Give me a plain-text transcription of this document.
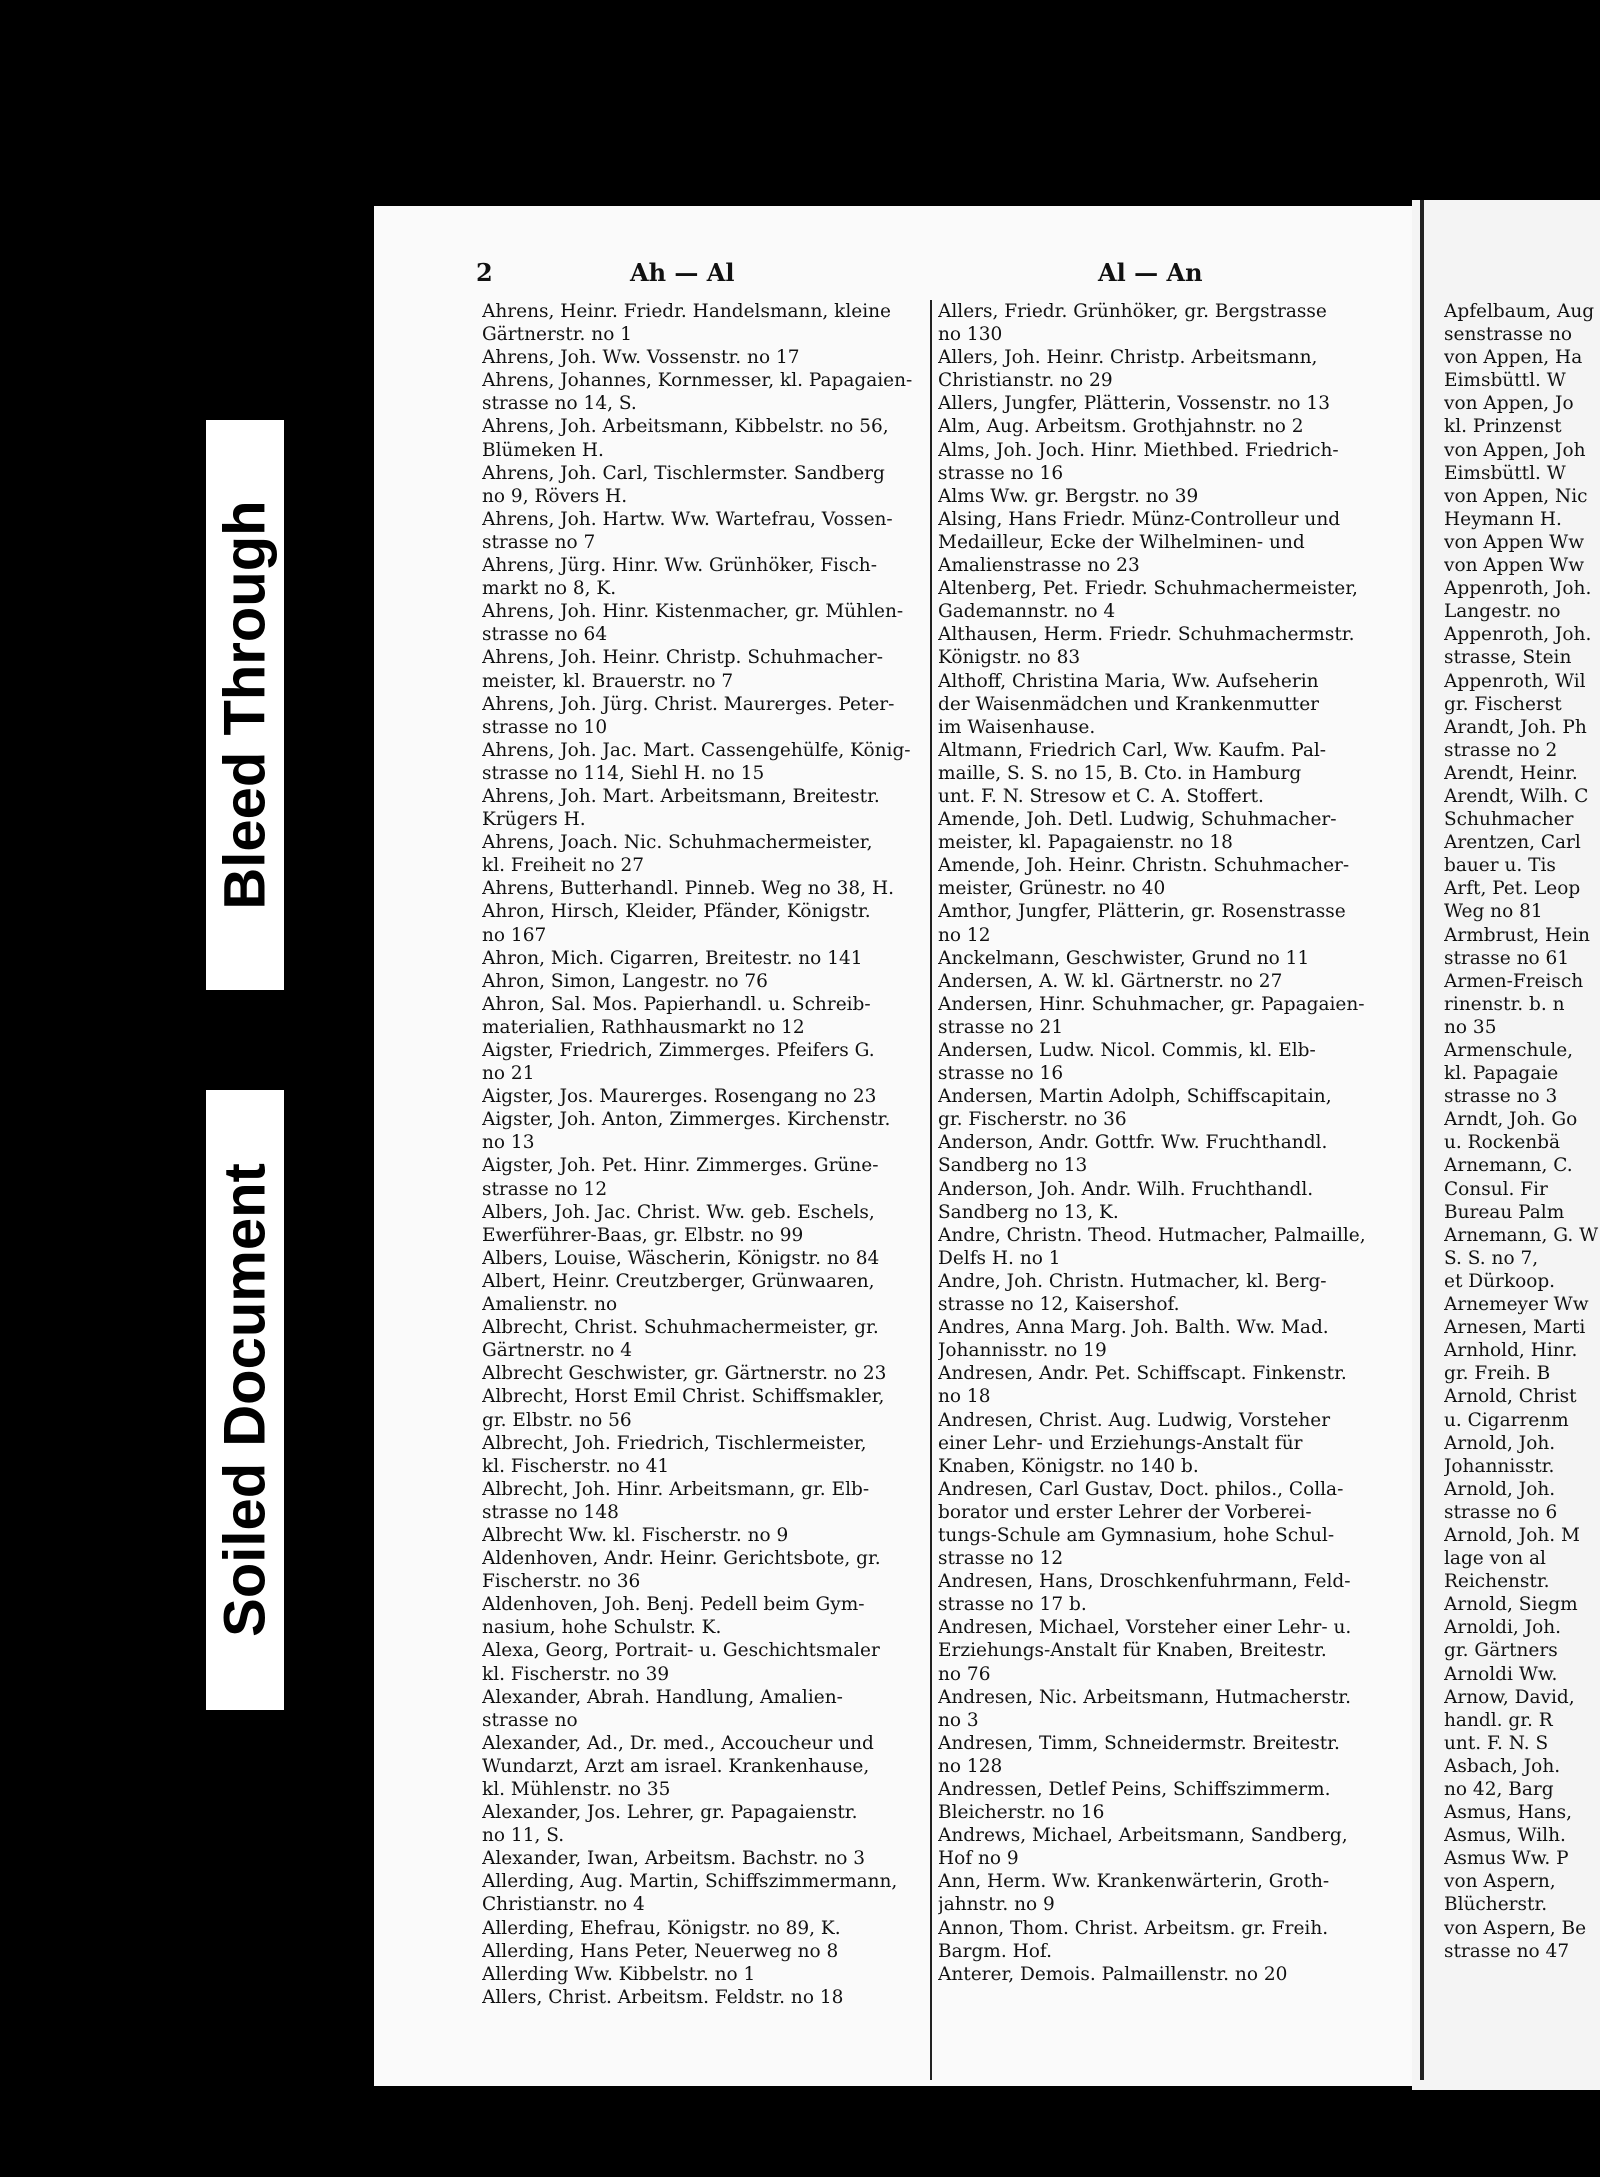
Bleed Through
Soiled Document
2	Ah — Al	Al — An
Ahrens, Heinr. Friedr. Handelsmann, kleine
Gärtnerstr. no 1
Ahrens, Joh. Ww. Vossenstr. no 17
Ahrens, Johannes, Kornmesser, kl. Papagaien-
strasse no 14, S.
Ahrens, Joh. Arbeitsmann, Kibbelstr. no 56,
Blümeken H.
Ahrens, Joh. Carl, Tischlermster. Sandberg
no 9, Rövers H.
Ahrens, Joh. Hartw. Ww. Wartefrau, Vossen-
strasse no 7
Ahrens, Jürg. Hinr. Ww. Grünhöker, Fisch-
markt no 8, K.
Ahrens, Joh. Hinr. Kistenmacher, gr. Mühlen-
strasse no 64
Ahrens, Joh. Heinr. Christp. Schuhmacher-
meister, kl. Brauerstr. no 7
Ahrens, Joh. Jürg. Christ. Maurerges. Peter-
strasse no 10
Ahrens, Joh. Jac. Mart. Cassengehülfe, König-
strasse no 114, Siehl H. no 15
Ahrens, Joh. Mart. Arbeitsmann, Breitestr.
Krügers H.
Ahrens, Joach. Nic. Schuhmachermeister,
kl. Freiheit no 27
Ahrens, Butterhandl. Pinneb. Weg no 38, H.
Ahron, Hirsch, Kleider, Pfänder, Königstr.
no 167
Ahron, Mich. Cigarren, Breitestr. no 141
Ahron, Simon, Langestr. no 76
Ahron, Sal. Mos. Papierhandl. u. Schreib-
materialien, Rathhausmarkt no 12
Aigster, Friedrich, Zimmerges. Pfeifers G.
no 21
Aigster, Jos. Maurerges. Rosengang no 23
Aigster, Joh. Anton, Zimmerges. Kirchenstr.
no 13
Aigster, Joh. Pet. Hinr. Zimmerges. Grüne-
strasse no 12
Albers, Joh. Jac. Christ. Ww. geb. Eschels,
Ewerführer-Baas, gr. Elbstr. no 99
Albers, Louise, Wäscherin, Königstr. no 84
Albert, Heinr. Creutzberger, Grünwaaren,
Amalienstr. no
Albrecht, Christ. Schuhmachermeister, gr.
Gärtnerstr. no 4
Albrecht Geschwister, gr. Gärtnerstr. no 23
Albrecht, Horst Emil Christ. Schiffsmakler,
gr. Elbstr. no 56
Albrecht, Joh. Friedrich, Tischlermeister,
kl. Fischerstr. no 41
Albrecht, Joh. Hinr. Arbeitsmann, gr. Elb-
strasse no 148
Albrecht Ww. kl. Fischerstr. no 9
Aldenhoven, Andr. Heinr. Gerichtsbote, gr.
Fischerstr. no 36
Aldenhoven, Joh. Benj. Pedell beim Gym-
nasium, hohe Schulstr. K.
Alexa, Georg, Portrait- u. Geschichtsmaler
kl. Fischerstr. no 39
Alexander, Abrah. Handlung, Amalien-
strasse no
Alexander, Ad., Dr. med., Accoucheur und
Wundarzt, Arzt am israel. Krankenhause,
kl. Mühlenstr. no 35
Alexander, Jos. Lehrer, gr. Papagaienstr.
no 11, S.
Alexander, Iwan, Arbeitsm. Bachstr. no 3
Allerding, Aug. Martin, Schiffszimmermann,
Christianstr. no 4
Allerding, Ehefrau, Königstr. no 89, K.
Allerding, Hans Peter, Neuerweg no 8
Allerding Ww. Kibbelstr. no 1
Allers, Christ. Arbeitsm. Feldstr. no 18
Allers, Friedr. Grünhöker, gr. Bergstrasse
no 130
Allers, Joh. Heinr. Christp. Arbeitsmann,
Christianstr. no 29
Allers, Jungfer, Plätterin, Vossenstr. no 13
Alm, Aug. Arbeitsm. Grothjahnstr. no 2
Alms, Joh. Joch. Hinr. Miethbed. Friedrich-
strasse no 16
Alms Ww. gr. Bergstr. no 39
Alsing, Hans Friedr. Münz-Controlleur und
Medailleur, Ecke der Wilhelminen- und
Amalienstrasse no 23
Altenberg, Pet. Friedr. Schuhmachermeister,
Gademannstr. no 4
Althausen, Herm. Friedr. Schuhmachermstr.
Königstr. no 83
Althoff, Christina Maria, Ww. Aufseherin
der Waisenmädchen und Krankenmutter
im Waisenhause.
Altmann, Friedrich Carl, Ww. Kaufm. Pal-
maille, S. S. no 15, B. Cto. in Hamburg
unt. F. N. Stresow et C. A. Stoffert.
Amende, Joh. Detl. Ludwig, Schuhmacher-
meister, kl. Papagaienstr. no 18
Amende, Joh. Heinr. Christn. Schuhmacher-
meister, Grünestr. no 40
Amthor, Jungfer, Plätterin, gr. Rosenstrasse
no 12
Anckelmann, Geschwister, Grund no 11
Andersen, A. W. kl. Gärtnerstr. no 27
Andersen, Hinr. Schuhmacher, gr. Papagaien-
strasse no 21
Andersen, Ludw. Nicol. Commis, kl. Elb-
strasse no 16
Andersen, Martin Adolph, Schiffscapitain,
gr. Fischerstr. no 36
Anderson, Andr. Gottfr. Ww. Fruchthandl.
Sandberg no 13
Anderson, Joh. Andr. Wilh. Fruchthandl.
Sandberg no 13, K.
Andre, Christn. Theod. Hutmacher, Palmaille,
Delfs H. no 1
Andre, Joh. Christn. Hutmacher, kl. Berg-
strasse no 12, Kaisershof.
Andres, Anna Marg. Joh. Balth. Ww. Mad.
Johannisstr. no 19
Andresen, Andr. Pet. Schiffscapt. Finkenstr.
no 18
Andresen, Christ. Aug. Ludwig, Vorsteher
einer Lehr- und Erziehungs-Anstalt für
Knaben, Königstr. no 140 b.
Andresen, Carl Gustav, Doct. philos., Colla-
borator und erster Lehrer der Vorberei-
tungs-Schule am Gymnasium, hohe Schul-
strasse no 12
Andresen, Hans, Droschkenfuhrmann, Feld-
strasse no 17 b.
Andresen, Michael, Vorsteher einer Lehr- u.
Erziehungs-Anstalt für Knaben, Breitestr.
no 76
Andresen, Nic. Arbeitsmann, Hutmacherstr.
no 3
Andresen, Timm, Schneidermstr. Breitestr.
no 128
Andressen, Detlef Peins, Schiffszimmerm.
Bleicherstr. no 16
Andrews, Michael, Arbeitsmann, Sandberg,
Hof no 9
Ann, Herm. Ww. Krankenwärterin, Groth-
jahnstr. no 9
Annon, Thom. Christ. Arbeitsm. gr. Freih.
Bargm. Hof.
Anterer, Demois. Palmaillenstr. no 20
Apfelbaum, Aug
senstrasse no
von Appen, Ha
Eimsbüttl. W
von Appen, Jo
kl. Prinzenst
von Appen, Joh
Eimsbüttl. W
von Appen, Nic
Heymann H.
von Appen Ww
von Appen Ww
Appenroth, Joh.
Langestr. no
Appenroth, Joh.
strasse, Stein
Appenroth, Wil
gr. Fischerst
Arandt, Joh. Ph
strasse no 2
Arendt, Heinr.
Arendt, Wilh. C
Schuhmacher
Arentzen, Carl
bauer u. Tis
Arft, Pet. Leop
Weg no 81
Armbrust, Hein
strasse no 61
Armen-Freisch
rinenstr. b. n
no 35
Armenschule,
kl. Papagaie
strasse no 3
Arndt, Joh. Go
u. Rockenbä
Arnemann, C.
Consul. Fir
Bureau Palm
Arnemann, G. W
S. S. no 7,
et Dürkoop.
Arnemeyer Ww
Arnesen, Marti
Arnhold, Hinr.
gr. Freih. B
Arnold, Christ
u. Cigarrenm
Arnold, Joh.
Johannisstr.
Arnold, Joh.
strasse no 6
Arnold, Joh. M
lage von al
Reichenstr.
Arnold, Siegm
Arnoldi, Joh.
gr. Gärtners
Arnoldi Ww.
Arnow, David,
handl. gr. R
unt. F. N. S
Asbach, Joh.
no 42, Barg
Asmus, Hans,
Asmus, Wilh.
Asmus Ww. P
von Aspern,
Blücherstr.
von Aspern, Be
strasse no 47
